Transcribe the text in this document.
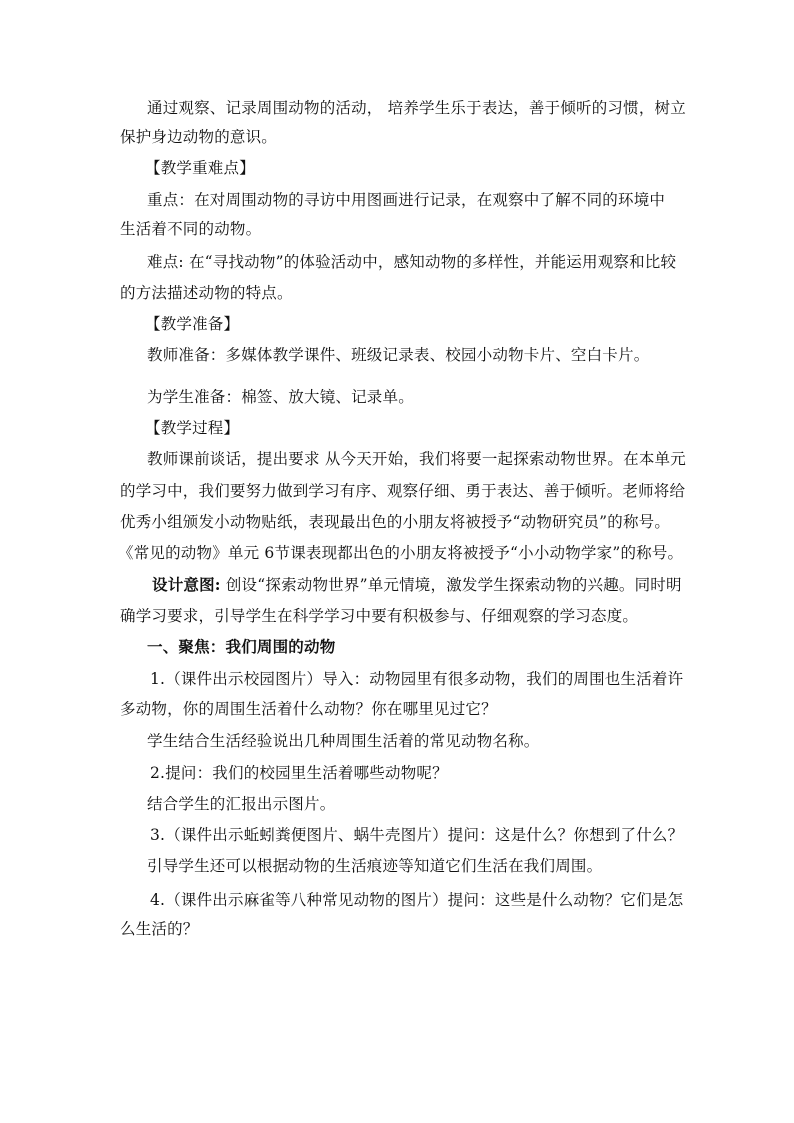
通过观察、记录周围动物的活动， 培养学生乐于表达，善于倾听的习惯，树立
保护身边动物的意识。
【教学重难点】
重点：在对周围动物的寻访中用图画进行记录，在观察中了解不同的环境中
生活着不同的动物。
难点: 在“寻找动物”的体验活动中，感知动物的多样性，并能运用观察和比较
的方法描述动物的特点。
【教学准备】
教师准备：多媒体教学课件、班级记录表、校园小动物卡片、空白卡片。
为学生准备：棉签、放大镜、记录单。
【教学过程】
教师课前谈话，提出要求 从今天开始，我们将要一起探索动物世界。在本单元
的学习中，我们要努力做到学习有序、观察仔细、勇于表达、善于倾听。老师将给
优秀小组颁发小动物贴纸，表现最出色的小朋友将被授予“动物研究员”的称号。
《常见的动物》单元 6节课表现都出色的小朋友将被授予“小小动物学家”的称号。
设计意图: 创设“探索动物世界”单元情境，激发学生探索动物的兴趣。同时明
确学习要求，引导学生在科学学习中要有积极参与、仔细观察的学习态度。
一、聚焦：我们周围的动物
1.（课件出示校园图片）导入：动物园里有很多动物，我们的周围也生活着许
多动物，你的周围生活着什么动物？你在哪里见过它？
学生结合生活经验说出几种周围生活着的常见动物名称。
2.提问：我们的校园里生活着哪些动物呢？
结合学生的汇报出示图片。
3.（课件出示蚯蚓粪便图片、蜗牛壳图片）提问：这是什么？你想到了什么？
引导学生还可以根据动物的生活痕迹等知道它们生活在我们周围。
4.（课件出示麻雀等八种常见动物的图片）提问：这些是什么动物？它们是怎
么生活的？
